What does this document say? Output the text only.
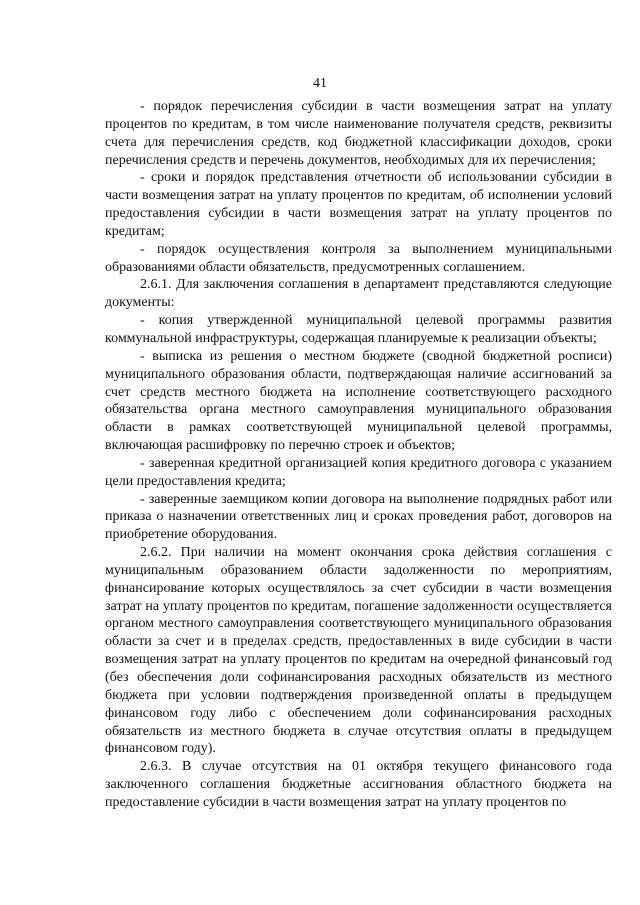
41

- порядок перечисления субсидии в части возмещения затрат на уплату процентов по кредитам, в том числе наименование получателя средств, реквизиты счета для перечисления средств, код бюджетной классификации доходов, сроки перечисления средств и перечень документов, необходимых для их перечисления;

- сроки и порядок представления отчетности об использовании субсидии в части возмещения затрат на уплату процентов по кредитам, об исполнении условий предоставления субсидии в части возмещения затрат на уплату процентов по кредитам;

- порядок осуществления контроля за выполнением муниципальными образованиями области обязательств, предусмотренных соглашением.

2.6.1. Для заключения соглашения в департамент представляются следующие документы:

- копия утвержденной муниципальной целевой программы развития коммунальной инфраструктуры, содержащая планируемые к реализации объекты;

- выписка из решения о местном бюджете (сводной бюджетной росписи) муниципального образования области, подтверждающая наличие ассигнований за счет средств местного бюджета на исполнение соответствующего расходного обязательства органа местного самоуправления муниципального образования области в рамках соответствующей муниципальной целевой программы, включающая расшифровку по перечню строек и объектов;

- заверенная кредитной организацией копия кредитного договора с указанием цели предоставления кредита;

- заверенные заемщиком копии договора на выполнение подрядных работ или приказа о назначении ответственных лиц и сроках проведения работ, договоров на приобретение оборудования.

2.6.2. При наличии на момент окончания срока действия соглашения с муниципальным образованием области задолженности по мероприятиям, финансирование которых осуществлялось за счет субсидии в части возмещения затрат на уплату процентов по кредитам, погашение задолженности осуществляется органом местного самоуправления соответствующего муниципального образования области за счет и в пределах средств, предоставленных в виде субсидии в части возмещения затрат на уплату процентов по кредитам на очередной финансовый год (без обеспечения доли софинансирования расходных обязательств из местного бюджета при условии подтверждения произведенной оплаты в предыдущем финансовом году либо с обеспечением доли софинансирования расходных обязательств из местного бюджета в случае отсутствия оплаты в предыдущем финансовом году).

2.6.3. В случае отсутствия на 01 октября текущего финансового года заключенного соглашения бюджетные ассигнования областного бюджета на предоставление субсидии в части возмещения затрат на уплату процентов по
